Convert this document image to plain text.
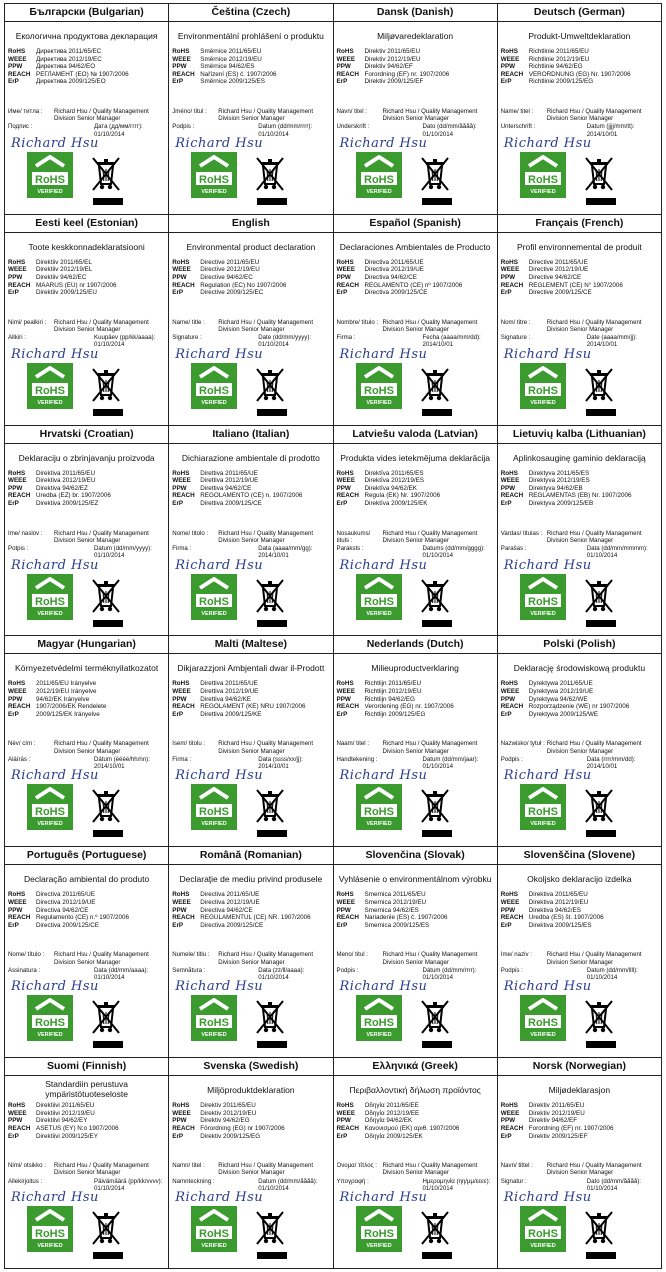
Български (Bulgarian)
Екологична продуктова декларация
RoHS	Директива 2011/65/ЕС
WEEE	Директива 2012/19/ЕС
PPW	Директива 94/62/ЕО
REACH РЕГЛАМЕНТ (ЕО) № 1907/2006
ErP	Директива 2009/125/ЕО
Име/ титла :	Richard Hsu / Quality Management
Division Senior Manager
Подпис :	Дата (дд/мм/гггг):
01/10/2014
Richard Hsu
RoHS
VERIFIED
Čeština (Czech)
Environmentální prohlášení o produktu
RoHS	Směrnice 2011/65/EU
WEEE	Směrnice 2012/19/EU
PPW	Směrnice 94/62/ES
REACH Nařízení (ES) č. 1907/2006
ErP	Směrnice 2009/125/ES
Jméno/ titul :	Richard Hsu / Quality Management
Division Senior Manager
Podpis :	Datum (dd/mm/rrrr):
01/10/2014
Richard Hsu
RoHS
VERIFIED
Dansk (Danish)
Miljøvaredeklaration
RoHS	Direktiv 2011/65/EU
WEEE	Direktiv 2012/19/EU
PPW	Direktiv 94/62/EF
REACH Forordning (EF) nr. 1907/2006
ErP	Direktiv 2009/125/EF
Navn/ titel :	Richard Hsu / Quality Management
Division Senior Manager
Underskrift :	Dato (dd/mm/åååå):
01/10/2014
Richard Hsu
RoHS
VERIFIED
Deutsch (German)
Produkt-Umweltdeklaration
RoHS	Richtlinie 2011/65/EU
WEEE	Richtlinie 2012/19/EU
PPW	Richtlinie 94/62/EG
REACH VERORDNUNG (EG) Nr. 1907/2006
ErP	Richtlinie 2009/125/EG
Name/ titel :	Richard Hsu / Quality Management
Division Senior Manager
Unterschrift :	Datum (jjjj/mm/tt):
2014/10/01
Richard Hsu
RoHS
VERIFIED
Eesti keel (Estonian)
Toote keskkonnadeklaratsiooni
RoHS	Direktiiv 2011/65/EL
WEEE	Direktiiv 2012/19/EL
PPW	Direktiiv 94/62/EC
REACH MÄÄRUS (EÜ) nr 1907/2006
ErP	Direktiiv 2009/125/EÜ
Nimi/ pealkiri :	Richard Hsu / Quality Management
Division Senior Manager
Allkiri :	Kuupäev (pp/kk/aaaa):
01/10/2014
Richard Hsu
RoHS
VERIFIED
English
Environmental product declaration
RoHS	Directive 2011/65/EU
WEEE	Directive 2012/19/EU
PPW	Directive 94/62/EC
REACH Regulation (EC) No 1907/2006
ErP	Directive 2009/125/EC
Name/ title :	Richard Hsu / Quality Management
Division Senior Manager
Signature :	Date (dd/mm/yyyy):
01/10/2014
Richard Hsu
RoHS
VERIFIED
Español (Spanish)
Declaraciones Ambientales de Producto
RoHS	Directiva 2011/65/UE
WEEE	Directiva 2012/19/UE
PPW	Directiva 94/62/CE
REACH REGLAMENTO (CE) nº 1907/2006
ErP	Directiva 2009/125/CE
Nombre/ título : Richard Hsu / Quality Management
Division Senior Manager
Firma :	Fecha (aaaa/mm/dd):
2014/10/01
Richard Hsu
RoHS
VERIFIED
Français (French)
Profil environnemental de produit
RoHS	Directive 2011/65/UE
WEEE	Directive 2012/19/UE
PPW	Directive 94/62/CE
REACH RÈGLEMENT (CE) N° 1907/2006
ErP	Directive 2009/125/CE
Nom/ titre :	Richard Hsu / Quality Management
Division Senior Manager
Signature :	Date (aaaa/mm/jj):
2014/10/01
Richard Hsu
RoHS
VERIFIED
Hrvatski (Croatian)
Deklaraciju o zbrinjavanju proizvoda
RoHS	Direktiva 2011/65/EU
WEEE	Direktiva 2012/19/EU
PPW	Direktiva 94/62/EZ
REACH Uredba (EZ) br. 1907/2006
ErP	Direktiva 2009/125/EZ
Ime/ naslov :	Richard Hsu / Quality Management
Division Senior Manager
Potpis :	Datum (dd/mm/yyyy):
01/10/2014
Richard Hsu
RoHS
VERIFIED
Italiano (Italian)
Dichiarazione ambientale di prodotto
RoHS	Direttiva 2011/65/UE
WEEE	Direttiva 2012/19/UE
PPW	Direttiva 94/62/CE
REACH REGOLAMENTO (CE) n. 1907/2006
ErP	Direttiva 2009/125/CE
Nome/ titolo :	Richard Hsu / Quality Management
Division Senior Manager
Firma :	Data (aaaa/mm/gg):
2014/10/01
Richard Hsu
RoHS
VERIFIED
Latviešu valoda (Latvian)
Produkta vides ietekmējuma deklarācija
RoHS	Direktīva 2011/65/ES
WEEE	Direktīva 2012/19/ES
PPW	Direktīva 94/62/EK
REACH Regula (EK) Nr. 1907/2006
ErP	Direktīva 2009/125/EK
Nosaukums/ tituls :
Richard Hsu / Quality Management
Division Senior Manager
Paraksts :	Datums (dd/mm/gggg):
01/10/2014
Richard Hsu
RoHS
VERIFIED
Lietuvių kalba (Lithuanian)
Aplinkosauginę gaminio deklaraciją
RoHS	Direktyva 2011/65/ES
WEEE	Direktyva 2012/19/ES
PPW	Direktyva 94/62/EB
REACH REGLAMENTAS (EB) Nr. 1907/2006
ErP	Direktyva 2009/125/EB
Vardas/ titulas : Richard Hsu / Quality Management
Division Senior Manager
Parašas :	Data (dd/mm/mmmm):
01/10/2014
Richard Hsu
RoHS
VERIFIED
Magyar (Hungarian)
Környezetvédelmi terméknyilatkozatot
RoHS	2011/65/EU Irányelve
WEEE	2012/19/EU Irányelve
PPW	94/62/EK Irányelve
REACH 1907/2006/EK Rendelete
ErP	2009/125/EK Irányelve
Név/ cím :	Richard Hsu / Quality Management
Division Senior Manager
Aláírás :	Dátum (éééé/hh/nn):
2014/10/01
Richard Hsu
RoHS
VERIFIED
Malti (Maltese)
Dikjarazzjoni Ambjentali dwar il-Prodott
RoHS	Direttiva 2011/65/UE
WEEE	Direttiva 2012/19/UE
PPW	Direttiva 94/62/KE
REACH REGOLAMENT (KE) NRU 1907/2006
ErP	Direttiva 2009/125/KE
Isem/ titolu :	Richard Hsu / Quality Management
Division Senior Manager
Firma :	Data (ssss/xx/jj):
2014/10/01
Richard Hsu
RoHS
VERIFIED
Nederlands (Dutch)
Milieuproductverklaring
RoHS	Richtlijn 2011/65/EU
WEEE	Richtlijn 2012/19/EU
PPW	Richtlijn 94/62/EG
REACH Verordening (EG) nr. 1907/2006
ErP	Richtlijn 2009/125/EG
Naam/ titel :	Richard Hsu / Quality Management
Division Senior Manager
Handtekening :	Datum (dd/mm/jaar):
01/10/2014
Richard Hsu
RoHS
VERIFIED
Polski (Polish)
Deklarację środowiskową produktu
RoHS	Dyrektywa 2011/65/UE
WEEE	Dyrektywa 2012/19/UE
PPW	Dyrektywa 94/62/WE
REACH Rozporządzenie (WE) nr 1907/2006
ErP	Dyrektywa 2009/125/WE
Nazwisko/ tytuł : Richard Hsu / Quality Management
Division Senior Manager
Podpis :	Data (rrrr/mm/dd):
2014/10/01
Richard Hsu
RoHS
VERIFIED
Português (Portuguese)
Declaração ambiental do produto
RoHS	Directiva 2011/65/UE
WEEE	Directiva 2012/19/UE
PPW	Directiva 94/62/CE
REACH Regulamento (CE) n.º 1907/2006
ErP	Directiva 2009/125/CE
Nome/ título :	Richard Hsu / Quality Management
Division Senior Manager
Assinatura :	Data (dd/mm/aaaa):
01/10/2014
Richard Hsu
RoHS
VERIFIED
Română (Romanian)
Declaraţie de mediu privind produsele
RoHS	Directiva 2011/65/UE
WEEE	Directiva 2012/19/UE
PPW	Directiva 94/62/CE
REACH REGULAMENTUL (CE) NR. 1907/2006
ErP	Directiva 2009/125/CE
Numele/ titlu :	Richard Hsu / Quality Management
Division Senior Manager
Semnătura :	Data (zz/ll/aaaa):
01/10/2014
Richard Hsu
RoHS
VERIFIED
Slovenčina (Slovak)
Vyhlásenie o environmentálnom výrobku
RoHS	Smernica 2011/65/EÚ
WEEE	Smernica 2012/19/EÚ
PPW	Smernica 94/62/ES
REACH Nariadenie (ES) č. 1907/2006
ErP	Smernica 2009/125/ES
Meno/ titul :	Richard Hsu / Quality Management
Division Senior Manager
Podpis :	Dátum (dd/mm/rrrr):
01/10/2014
Richard Hsu
RoHS
VERIFIED
Slovenščina (Slovene)
Okoljsko deklaracijo izdelka
RoHS	Direktiva 2011/65/EU
WEEE	Direktiva 2012/19/EU
PPW	Direktiva 94/62/ES
REACH Uredba (ES) št. 1907/2006
ErP	Direktiva 2009/125/ES
Ime/ naziv :	Richard Hsu / Quality Management
Division Senior Manager
Podpis :	Datum (dd/mm/llll):
01/10/2014
Richard Hsu
RoHS
VERIFIED
Suomi (Finnish)
Standardiin perustuva ympäristötuoteseloste
RoHS	Direktiivi 2011/65/EU
WEEE	Direktiivi 2012/19/EU
PPW	Direktiivi 94/62/EY
REACH ASETUS (EY) N:o 1907/2006
ErP	Direktiivi 2009/125/EY
Nimi/ otsikko :	Richard Hsu / Quality Management
Division Senior Manager
Allekirjoitus :	Päivämäärä (pp/kk/vvvv):
01/10/2014
Richard Hsu
RoHS
VERIFIED
Svenska (Swedish)
Miljöproduktdeklaration
RoHS	Direktiv 2011/65/EU
WEEE	Direktiv 2012/19/EU
PPW	Direktiv 94/62/EG
REACH Förordning (EG) nr 1907/2006
ErP	Direktiv 2009/125/EG
Namn/ titel :	Richard Hsu / Quality Management
Division Senior Manager
Namnteckning :	Datum (dd/mm/åååå):
01/10/2014
Richard Hsu
RoHS
VERIFIED
Ελληνικά (Greek)
Περιβαλλοντική δήλωση προϊόντος
RoHS	Οδηγία 2011/65/ΕΕ
WEEE	Οδηγία 2012/19/ΕΕ
PPW	Οδηγία 94/62/ΕΚ
REACH Κανονισμού (ΕΚ) αριθ. 1907/2006
ErP	Οδηγία 2009/125/ΕΚ
Όνομα/ τίτλος : Richard Hsu / Quality Management
Division Senior Manager
Υπογραφή :	Ημερομηνία (ηη/μμ/εεεε):
01/10/2014
Richard Hsu
RoHS
VERIFIED
Norsk (Norwegian)
Miljødeklarasjon
RoHS	Direktiv 2011/65/EU
WEEE	Direktiv 2012/19/EU
PPW	Direktiv 94/62/EF
REACH Forordning (EF) nr. 1907/2006
ErP	Direktiv 2009/125/EF
Navn/ tittel :	Richard Hsu / Quality Management
Division Senior Manager
Signatur :	Dato (dd/mm/åååå):
01/10/2014
Richard Hsu
RoHS
VERIFIED
